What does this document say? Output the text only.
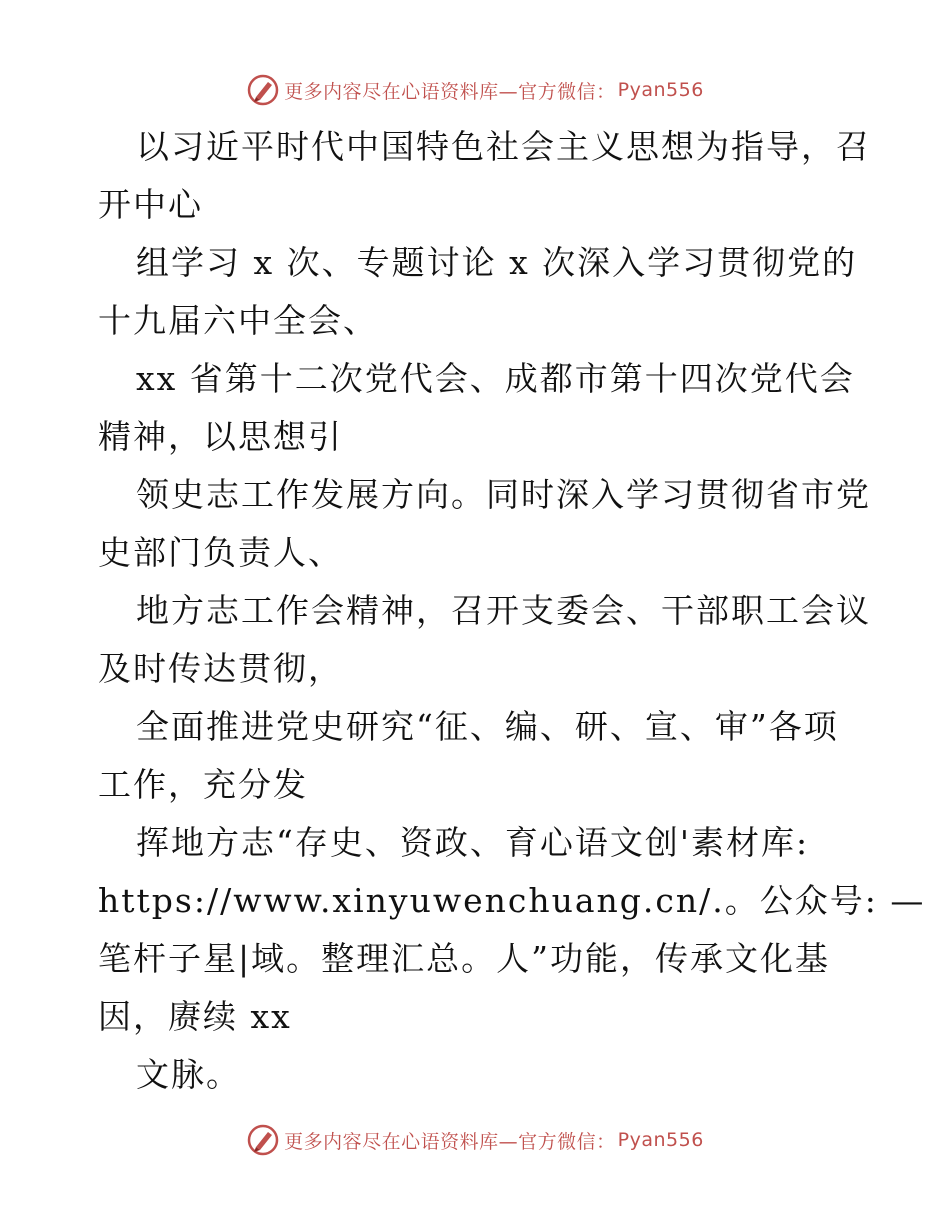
更多内容尽在心语资料库—官方微信： Pyan556
以习近平时代中国特色社会主义思想为指导，召
开中心
组学习 x 次、专题讨论 x 次深入学习贯彻党的
十九届六中全会、
xx 省第十二次党代会、成都市第十四次党代会
精神，以思想引
领史志工作发展方向。同时深入学习贯彻省市党
史部门负责人、
地方志工作会精神，召开支委会、干部职工会议
及时传达贯彻，
全面推进党史研究“征、编、研、宣、审”各项
工作，充分发
挥地方志“存史、资政、育心语文创'素材库:
https://www.xinyuwenchuang.cn/.。公众号: —
笔杆子星|域。整理汇总。人”功能，传承文化基
因，赓续 xx
文脉。
更多内容尽在心语资料库—官方微信： Pyan556
